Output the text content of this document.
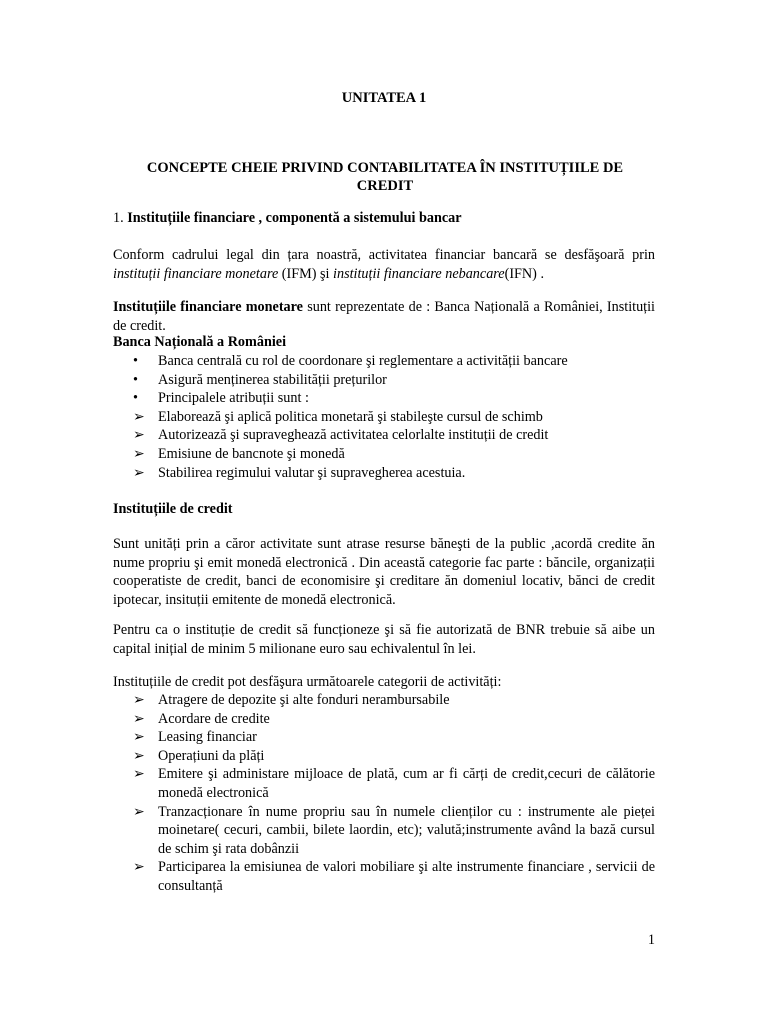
UNITATEA 1
CONCEPTE CHEIE PRIVIND CONTABILITATEA ÎN INSTITUȚIILE DE CREDIT
1. Instituțiile financiare , componentă a sistemului bancar
Conform cadrului legal din țara noastră, activitatea financiar bancară se desfăşoară prin instituții financiare monetare (IFM) şi instituții financiare nebancare(IFN) .
Instituțiile financiare monetare sunt reprezentate de : Banca Națională a României, Instituții de credit.
Banca Națională a României
•	Banca centrală cu rol de coordonare şi reglementare a activității bancare
•	Asigură menținerea stabilității prețurilor
•	Principalele atribuții sunt :
➢ Elaborează şi aplică politica monetară şi stabileşte cursul de schimb
➢ Autorizează şi supraveghează activitatea celorlalte instituții de credit
➢ Emisiune de bancnote şi monedă
➢ Stabilirea regimului valutar şi supravegherea acestuia.
Instituțiile de credit
Sunt unități prin a căror activitate sunt atrase resurse băneşti de la public ,acordă credite ăn nume propriu şi emit monedă electronică . Din această categorie fac parte : băncile, organizații cooperatiste de credit, banci de economisire şi creditare ăn domeniul locativ, bănci de credit ipotecar, insituții emitente de monedă electronică.
Pentru ca o instituție de credit să funcționeze şi să fie autorizată de BNR trebuie să aibe un capital inițial de minim 5 milionane euro sau echivalentul în lei.
Instituțiile de credit pot desfăşura următoarele categorii de activități:
➢ Atragere de depozite şi alte fonduri nerambursabile
➢ Acordare de credite
➢ Leasing financiar
➢ Operațiuni da plăți
➢ Emitere şi administare mijloace de plată, cum ar fi cărți de credit,cecuri de călătorie monedă electronică
➢ Tranzacționare în nume propriu sau în numele clienților cu : instrumente ale pieței moinetare( cecuri, cambii, bilete laordin, etc); valută;instrumente având la bază cursul de schim şi rata dobânzii
➢ Participarea la emisiunea de valori mobiliare şi alte instrumente financiare , servicii de consultanță
1
